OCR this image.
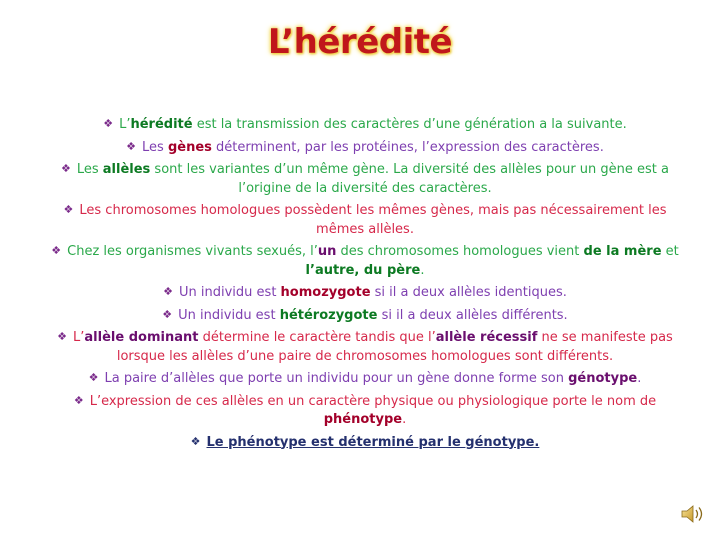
L’hérédité
❖ L’hérédité est la transmission des caractères d’une génération a la suivante.
❖ Les gènes déterminent, par les protéines, l’expression des caractères.
❖ Les allèles sont les variantes d’un même gène. La diversité des allèles pour un gène est a l’origine de la diversité des caractères.
❖ Les chromosomes homologues possèdent les mêmes gènes, mais pas nécessairement les mêmes allèles.
❖ Chez les organismes vivants sexués, l’un des chromosomes homologues vient de la mère et l’autre, du père.
❖ Un individu est homozygote si il a deux allèles identiques.
❖ Un individu est hétérozygote si il a deux allèles différents.
❖ L’allèle dominant détermine le caractère tandis que l’allèle récessif ne se manifeste pas lorsque les allèles d’une paire de chromosomes homologues sont différents.
❖ La paire d’allèles que porte un individu pour un gène donne forme son génotype.
❖ L’expression de ces allèles en un caractère physique ou physiologique porte le nom de phénotype.
❖ Le phénotype est déterminé par le génotype.
